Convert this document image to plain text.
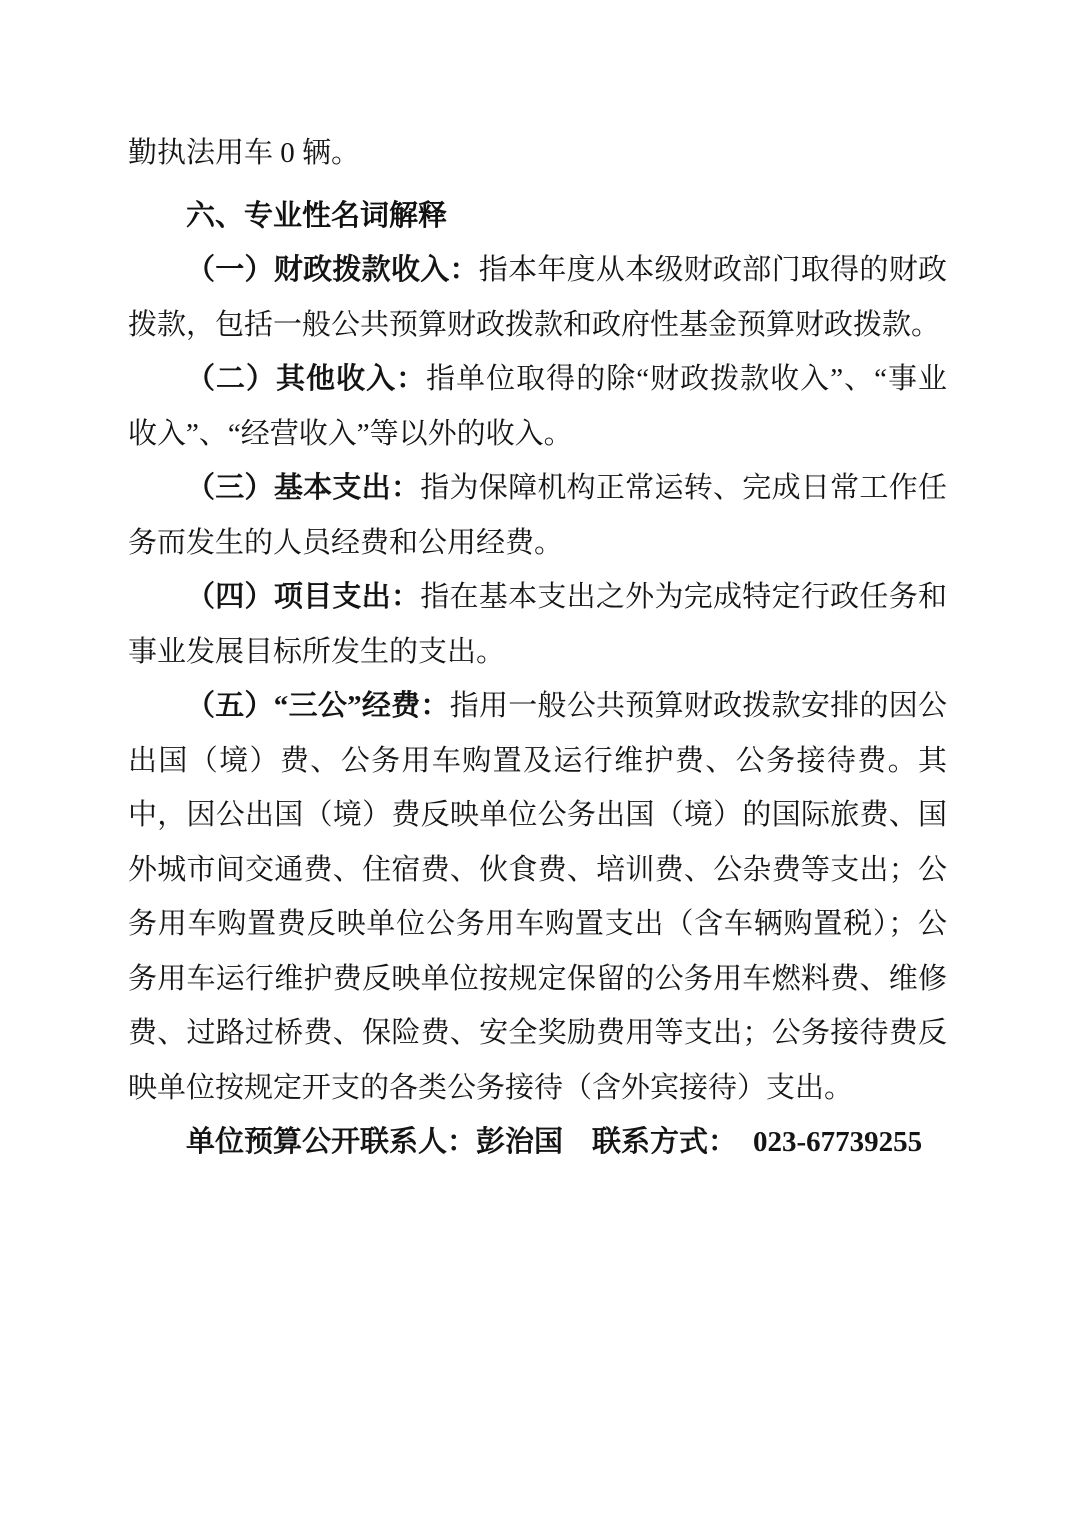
勤执法用车 0 辆。

六、专业性名词解释

（一）财政拨款收入：指本年度从本级财政部门取得的财政拨款，包括一般公共预算财政拨款和政府性基金预算财政拨款。

（二）其他收入：指单位取得的除“财政拨款收入”、“事业收入”、“经营收入”等以外的收入。

（三）基本支出：指为保障机构正常运转、完成日常工作任务而发生的人员经费和公用经费。

（四）项目支出：指在基本支出之外为完成特定行政任务和事业发展目标所发生的支出。

（五）“三公”经费：指用一般公共预算财政拨款安排的因公出国（境）费、公务用车购置及运行维护费、公务接待费。其中，因公出国（境）费反映单位公务出国（境）的国际旅费、国外城市间交通费、住宿费、伙食费、培训费、公杂费等支出；公务用车购置费反映单位公务用车购置支出（含车辆购置税）；公务用车运行维护费反映单位按规定保留的公务用车燃料费、维修费、过路过桥费、保险费、安全奖励费用等支出；公务接待费反映单位按规定开支的各类公务接待（含外宾接待）支出。

单位预算公开联系人：彭治国 联系方式： 023-67739255
